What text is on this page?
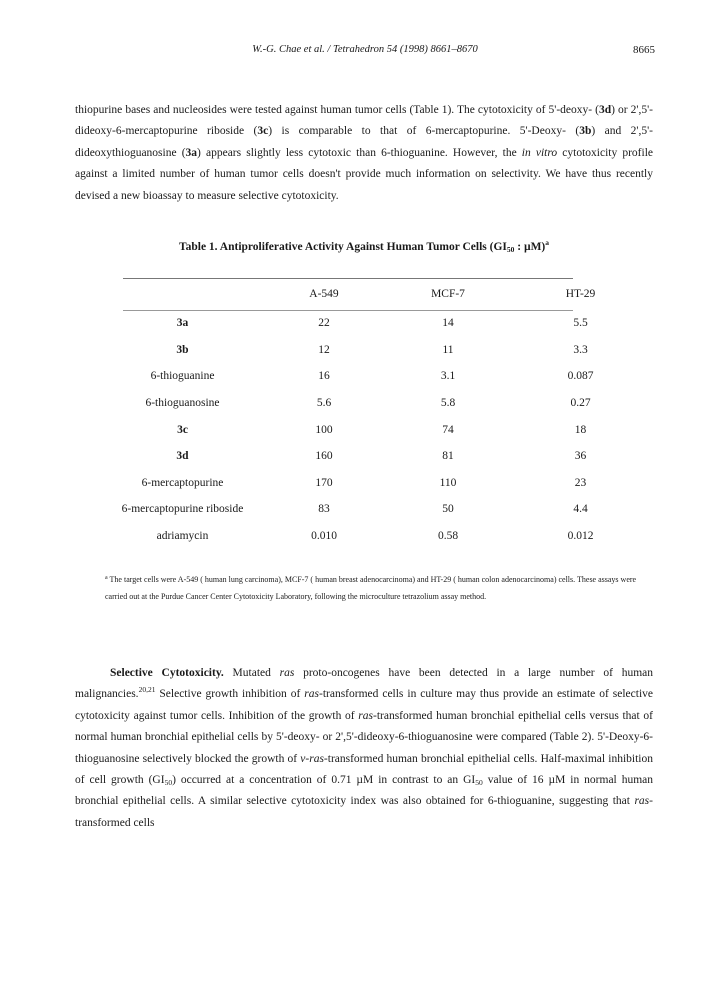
W.-G. Chae et al. / Tetrahedron 54 (1998) 8661–8670	8665

thiopurine bases and nucleosides were tested against human tumor cells (Table 1). The cytotoxicity of 5'-deoxy- (3d) or 2',5'-dideoxy-6-mercaptopurine riboside (3c) is comparable to that of 6-mercaptopurine. 5'-Deoxy- (3b) and 2',5'-dideoxythioguanosine (3a) appears slightly less cytotoxic than 6-thioguanine. However, the in vitro cytotoxicity profile against a limited number of human tumor cells doesn't provide much information on selectivity. We have thus recently devised a new bioassay to measure selective cytotoxicity.

Table 1. Antiproliferative Activity Against Human Tumor Cells ($GI_{50}$ : µM)$^a$
	A-549	MCF-7	HT-29
3a	22	14	5.5
3b	12	11	3.3
6-thioguanine	16	3.1	0.087
6-thioguanosine	5.6	5.8	0.27
3c	100	74	18
3d	160	81	36
6-mercaptopurine	170	110	23
6-mercaptopurine riboside	83	50	4.4
adriamycin	0.010	0.58	0.012

$^a$ The target cells were A-549 ( human lung carcinoma), MCF-7 ( human breast adenocarcinoma) and HT-29 ( human colon adenocarcinoma) cells. These assays were carried out at the Purdue Cancer Center Cytotoxicity Laboratory, following the microculture tetrazolium assay method.

Selective Cytotoxicity. Mutated ras proto-oncogenes have been detected in a large number of human malignancies.$^{20,21}$ Selective growth inhibition of ras-transformed cells in culture may thus provide an estimate of selective cytotoxicity against tumor cells. Inhibition of the growth of ras-transformed human bronchial epithelial cells versus that of normal human bronchial epithelial cells by 5'-deoxy- or 2',5'-dideoxy-6-thioguanosine were compared (Table 2). 5'-Deoxy-6-thioguanosine selectively blocked the growth of v-ras-transformed human bronchial epithelial cells. Half-maximal inhibition of cell growth $(GI_{50})$ occurred at a concentration of 0.71 µM in contrast to an $GI_{50}$ value of 16 µM in normal human bronchial epithelial cells. A similar selective cytotoxicity index was also obtained for 6-thioguanine, suggesting that ras-transformed cells
